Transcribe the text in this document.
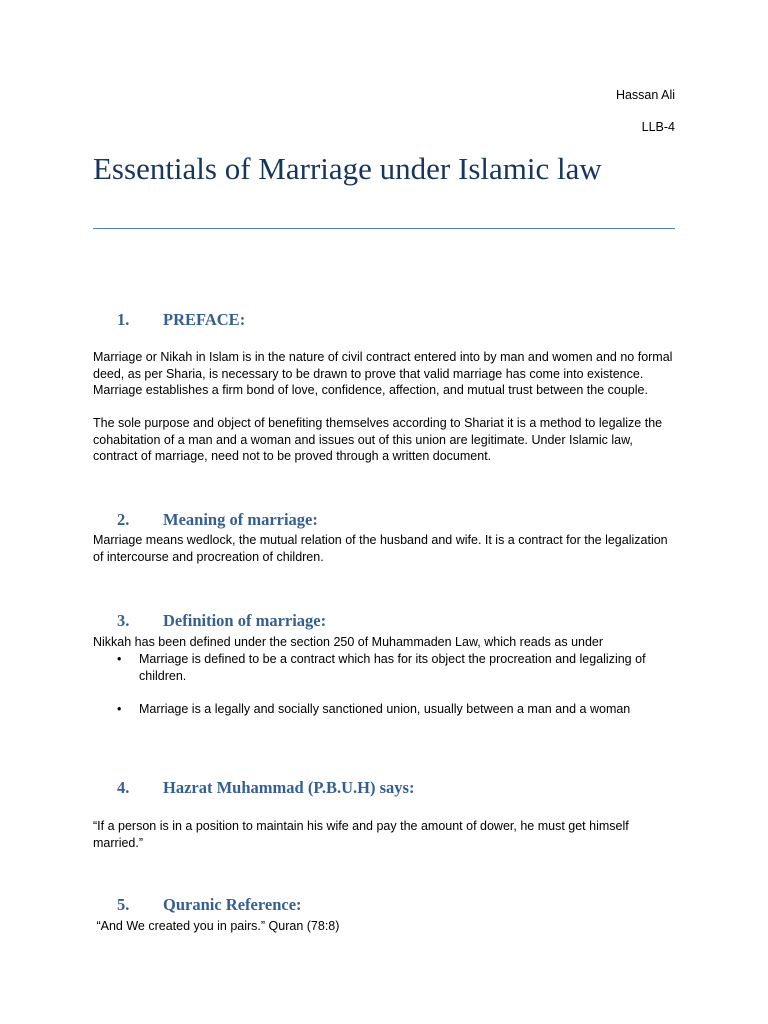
Hassan Ali
LLB-4
Essentials of Marriage under Islamic law
1. PREFACE:

Marriage or Nikah in Islam is in the nature of civil contract entered into by man and women and no formal deed, as per Sharia, is necessary to be drawn to prove that valid marriage has come into existence. Marriage establishes a firm bond of love, confidence, affection, and mutual trust between the couple.

The sole purpose and object of benefiting themselves according to Shariat it is a method to legalize the cohabitation of a man and a woman and issues out of this union are legitimate. Under Islamic law, contract of marriage, need not to be proved through a written document.

2. Meaning of marriage:

Marriage means wedlock, the mutual relation of the husband and wife. It is a contract for the legalization of intercourse and procreation of children.

3. Definition of marriage:

Nikkah has been defined under the section 250 of Muhammaden Law, which reads as under

• Marriage is defined to be a contract which has for its object the procreation and legalizing of children.
• Marriage is a legally and socially sanctioned union, usually between a man and a woman
4. Hazrat Muhammad (P.B.U.H) says:

“If a person is in a position to maintain his wife and pay the amount of dower, he must get himself married.”

5. Quranic Reference:

“And We created you in pairs.” Quran (78:8)
